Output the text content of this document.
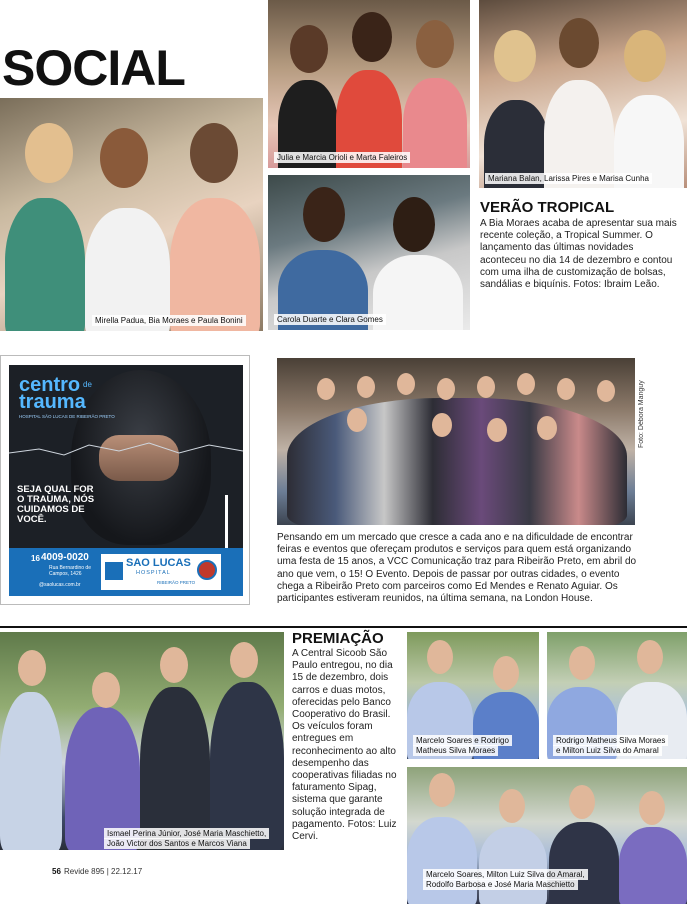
SOCIAL
Mirella Padua, Bia Moraes e Paula Bonini
Julia e Marcia Orioli e Marta Faleiros
Mariana Balan, Larissa Pires e Marisa Cunha
Carola Duarte e Clara Gomes
VERÃO TROPICAL
A Bia Moraes acaba de apresentar sua mais recente coleção, a Tropical Summer. O lançamento das últimas novidades aconteceu no dia 14 de dezembro e contou com uma ilha de customização de bolsas, sandálias e biquínis. Fotos: Ibraim Leão.
centro de
trauma
HOSPITAL SÃO LUCAS DE RIBEIRÃO PRETO
SEJA QUAL FOR O TRAUMA, NÓS CUIDAMOS DE VOCÊ.
16 4009-0020
Rua Bernardino de Campos, 1426
@saolucas.com.br
SAO LUCAS
HOSPITAL
RIBEIRÃO PRETO
Foto: Débora Manguy
Pensando em um mercado que cresce a cada ano e na dificuldade de encontrar feiras e eventos que ofereçam produtos e serviços para quem está organizando uma festa de 15 anos, a VCC Comunicação traz para Ribeirão Preto, em abril do ano que vem, o 15! O Evento. Depois de passar por outras cidades, o evento chega a Ribeirão Preto com parceiros como Ed Mendes e Renato Aguiar. Os participantes estiveram reunidos, na última semana, na London House.
Ismael Perina Júnior, José Maria Maschietto,
João Victor dos Santos e Marcos Viana
PREMIAÇÃO
A Central Sicoob São Paulo entregou, no dia 15 de dezembro, dois carros e duas motos, oferecidas pelo Banco Cooperativo do Brasil. Os veículos foram entregues em reconhecimento ao alto desempenho das cooperativas filiadas no faturamento Sipag, sistema que garante solução integrada de pagamento. Fotos: Luiz Cervi.
Marcelo Soares e Rodrigo
Matheus Silva Moraes
Rodrigo Matheus Silva Moraes
e Milton Luiz Silva do Amaral
Marcelo Soares, Milton Luiz Silva do Amaral,
Rodolfo Barbosa e José Maria Maschietto
56 Revide 895 | 22.12.17
